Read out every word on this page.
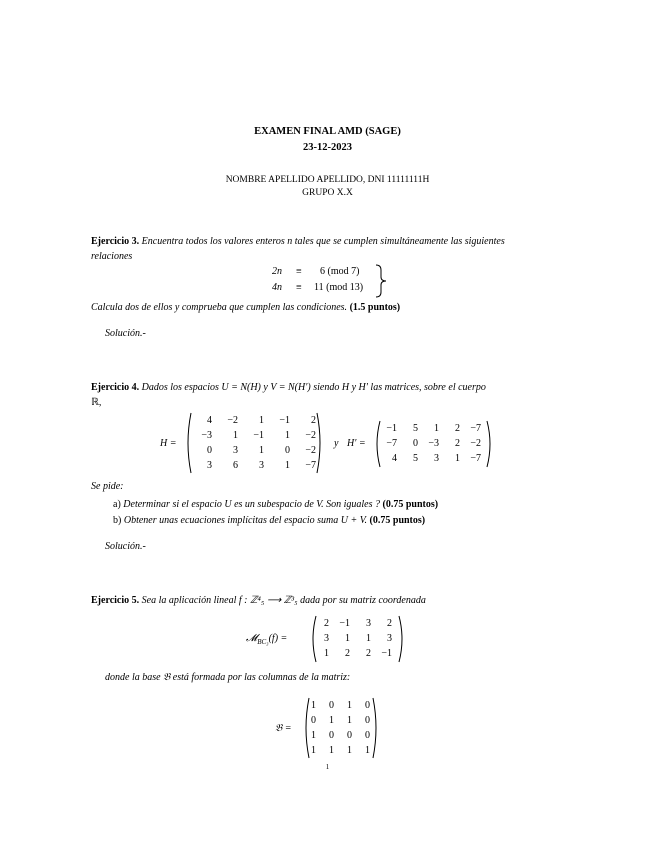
EXAMEN FINAL AMD (SAGE)
23-12-2023
NOMBRE APELLIDO APELLIDO, DNI 11111111H
GRUPO X.X
Ejercicio 3. Encuentra todos los valores enteros n tales que se cumplen simultáneamente las siguientes
relaciones
2n ≡ 6 (mod 7)
4n ≡ 11 (mod 13)
Calcula dos de ellos y comprueba que cumplen las condiciones. (1.5 puntos)
Solución.-
Ejercicio 4. Dados los espacios U = N(H) y V = N(H′) siendo H y H′ las matrices, sobre el cuerpo
ℝ,
H =
4	−2	1	−1	2
−3	1	−1	1	−2
0	3	1	0	−2
3	6	3	1	−7
y H′ =
−1	5	1	2	−7
−7	0	−3	2	−2
4	5	3	1	−7
Se pide:
a) Determinar si el espacio U es un subespacio de V. Son iguales ? (0.75 puntos)
b) Obtener unas ecuaciones implícitas del espacio suma U + V. (0.75 puntos)
Solución.-
Ejercicio 5. Sea la aplicación lineal f : ℤ⁴₅ ⟶ ℤ³₅ dada por su matriz coordenada
𝓜$_{BC_3}$(f) =
2	−1	3	2
3	1	1	3
1	2	2	−1
donde la base 𝔅 está formada por las columnas de la matriz:
𝔅 =
1	0	1	0
0	1	1	0
1	0	0	0
1	1	1	1
1
